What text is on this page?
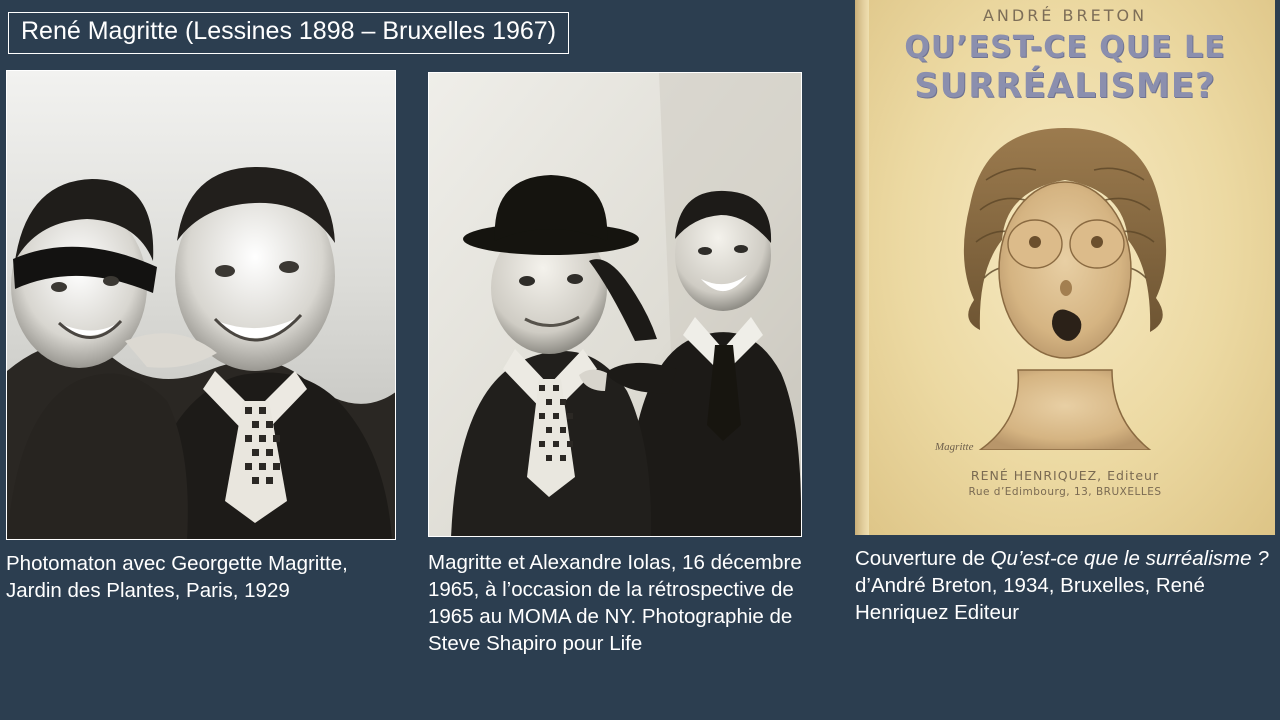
René Magritte (Lessines 1898 – Bruxelles 1967)
Photomaton avec Georgette Magritte, Jardin des Plantes, Paris, 1929
Magritte et Alexandre Iolas, 16 décembre 1965, à l’occasion de la rétrospective de 1965 au MOMA de NY. Photographie de Steve Shapiro pour Life
ANDRÉ BRETON
QU’EST-CE QUE LE
SURRÉALISME?
Magritte
RENÉ HENRIQUEZ, Editeur
Rue d’Edimbourg, 13, BRUXELLES
Couverture de Qu’est-ce que le surréalisme ? d’André Breton, 1934, Bruxelles, René Henriquez Editeur
